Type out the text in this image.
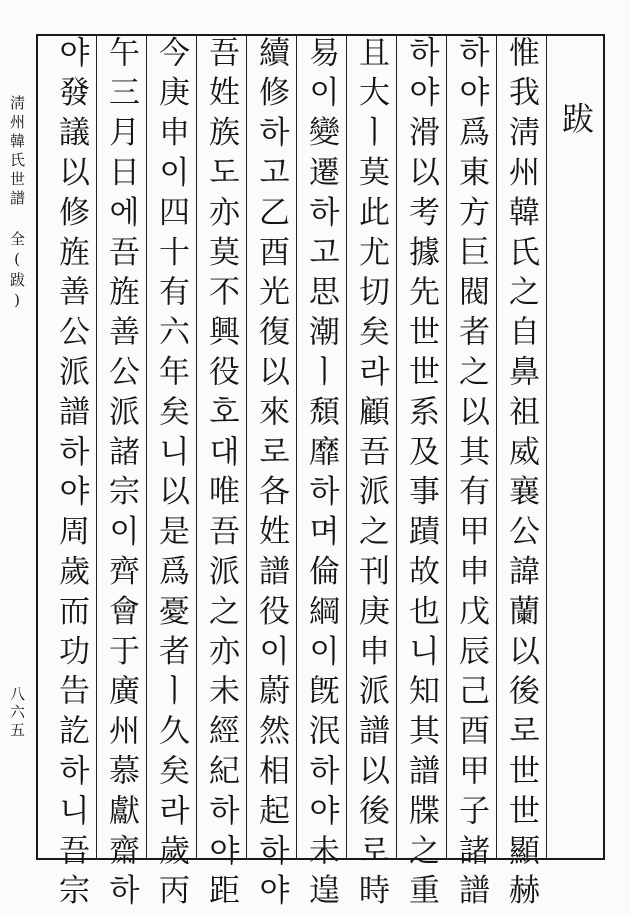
跋
淸州韓氏世譜 全(跋)
八六五	惟我淸州韓氏之自鼻祖威襄公諱蘭以後로世世顯赫
하야爲東方巨閥者之以其有甲申戊辰己酉甲子諸譜
하야滑以考據先世世系及事蹟故也니知其譜牒之重
且大ㅣ莫此尤切矣라顧吾派之刊庚申派譜以後로時
易이變遷하고思潮ㅣ頹靡하며倫綱이旣泯하야未遑
續修하고乙酉光復以來로各姓譜役이蔚然相起하야
吾姓族도亦莫不興役호대唯吾派之亦未經紀하야距
今庚申이四十有六年矣니以是爲憂者ㅣ久矣라歲丙
午三月日에吾旌善公派諸宗이齊會于廣州慕獻齋하
야發議以修旌善公派譜하야周歲而功告訖하니吾宗
